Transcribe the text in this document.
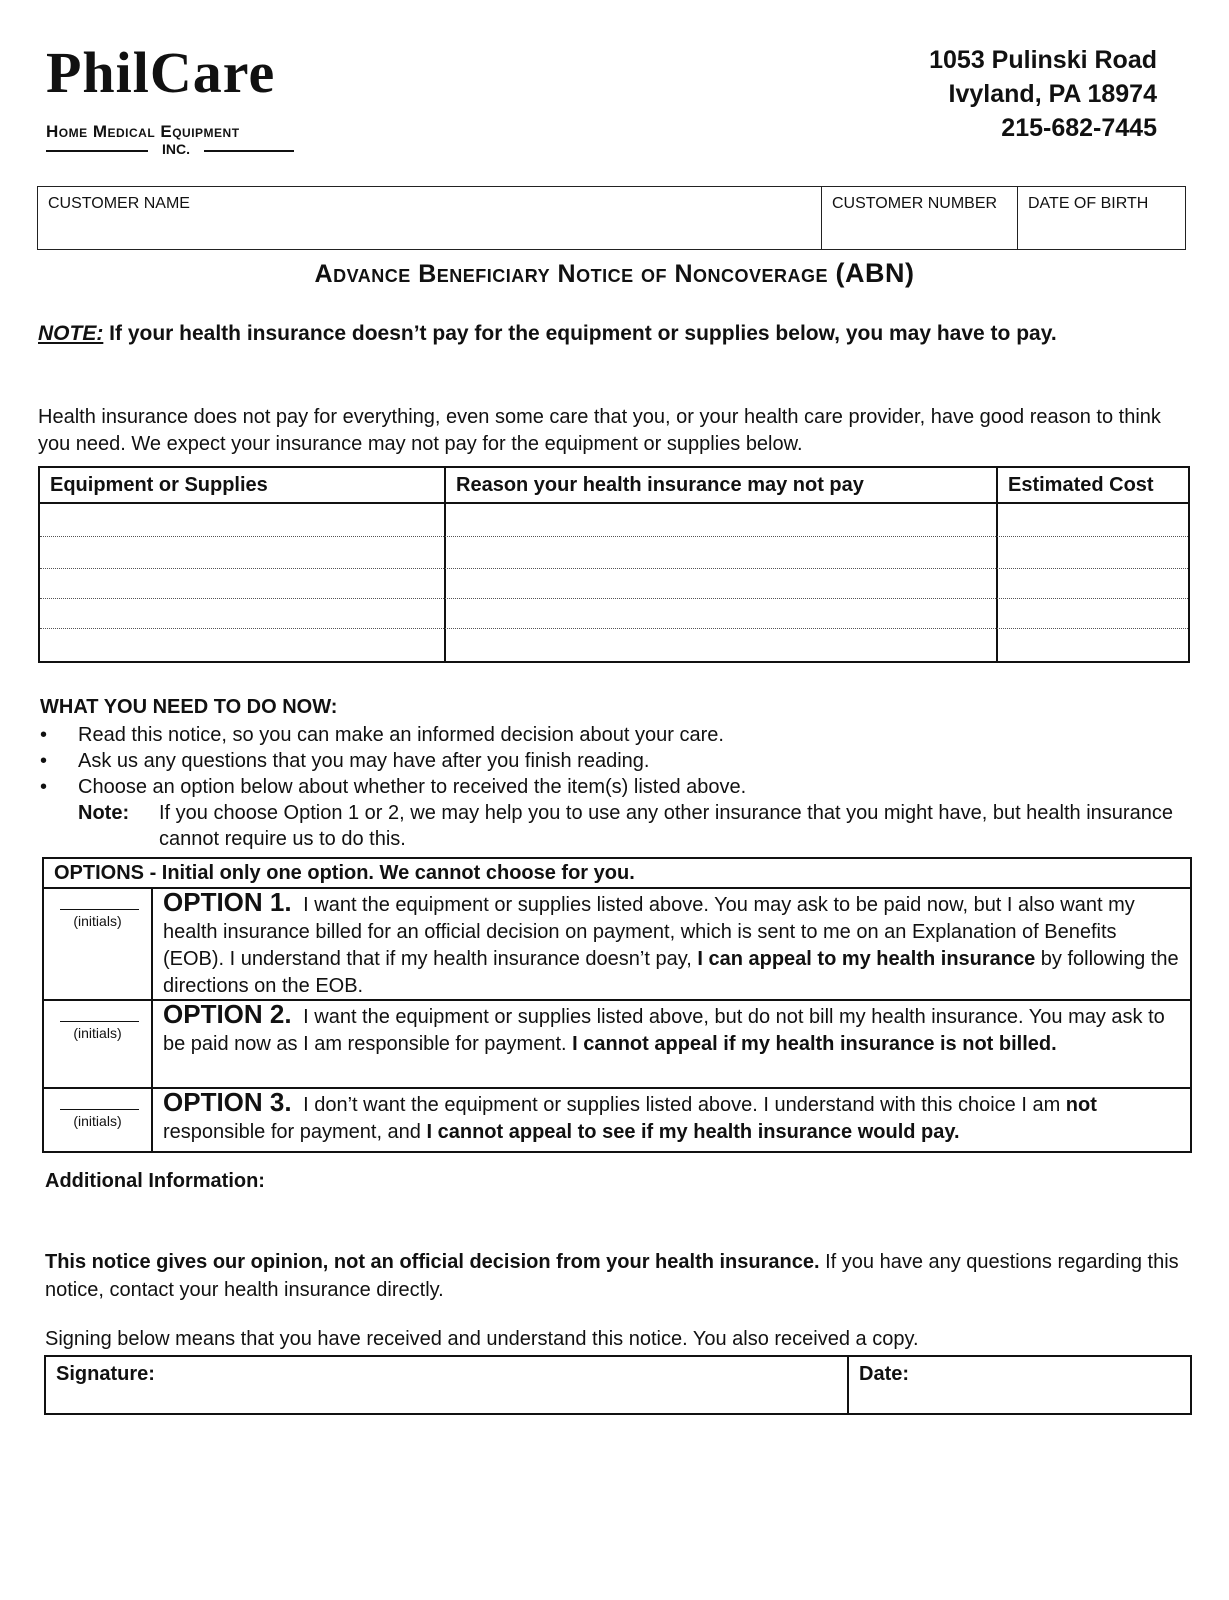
PhilCare
Home Medical Equipment
INC.
1053 Pulinski Road
Ivyland, PA 18974
215-682-7445
CUSTOMER NAME	CUSTOMER NUMBER	DATE OF BIRTH
Advance Beneficiary Notice of Noncoverage (ABN)
NOTE: If your health insurance doesn’t pay for the equipment or supplies below, you may have to pay.
Health insurance does not pay for everything, even some care that you, or your health care provider, have good reason to think you need. We expect your insurance may not pay for the equipment or supplies below.
Equipment or Supplies	Reason your health insurance may not pay	Estimated Cost
WHAT YOU NEED TO DO NOW:
• Read this notice, so you can make an informed decision about your care.
• Ask us any questions that you may have after you finish reading.
• Choose an option below about whether to received the item(s) listed above.
Note: If you choose Option 1 or 2, we may help you to use any other insurance that you might have, but health insurance cannot require us to do this.
OPTIONS - Initial only one option. We cannot choose for you.
(initials)
OPTION 1. I want the equipment or supplies listed above. You may ask to be paid now, but I also want my health insurance billed for an official decision on payment, which is sent to me on an Explanation of Benefits (EOB). I understand that if my health insurance doesn’t pay, I can appeal to my health insurance by following the directions on the EOB.
(initials)
OPTION 2. I want the equipment or supplies listed above, but do not bill my health insurance. You may ask to be paid now as I am responsible for payment. I cannot appeal if my health insurance is not billed.
(initials)
OPTION 3. I don’t want the equipment or supplies listed above. I understand with this choice I am not responsible for payment, and I cannot appeal to see if my health insurance would pay.
Additional Information:
This notice gives our opinion, not an official decision from your health insurance. If you have any questions regarding this notice, contact your health insurance directly.
Signing below means that you have received and understand this notice. You also received a copy.
Signature:	Date:
